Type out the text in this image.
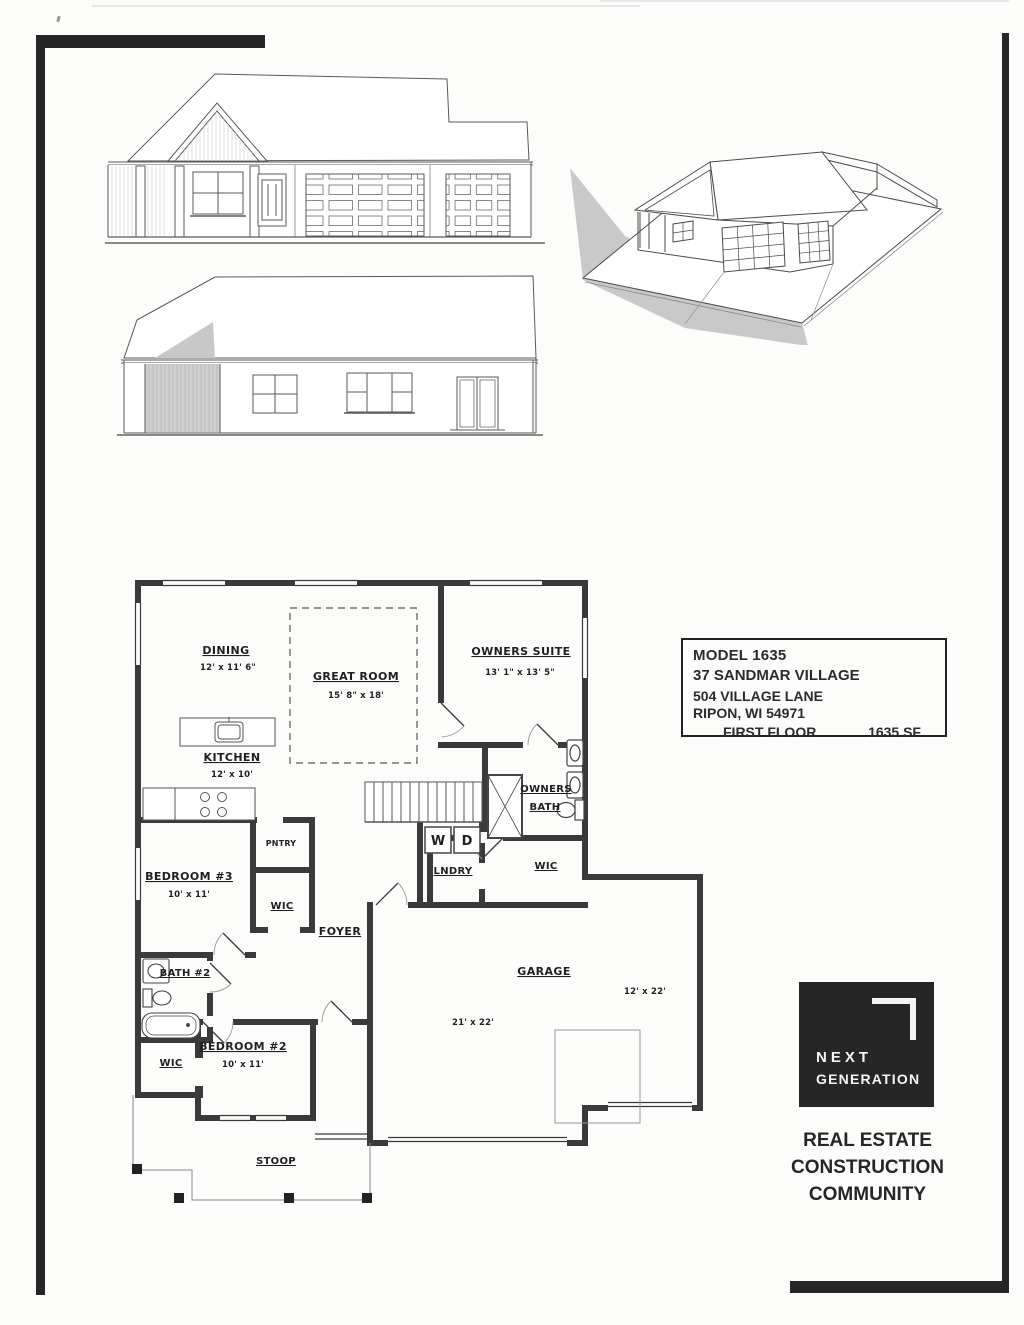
DINING
12' x 11' 6"
GREAT ROOM
15' 8" x 18'
OWNERS SUITE
13' 1" x 13' 5"
KITCHEN
12' x 10'
PNTRY
WIC
FOYER
BEDROOM #3
10' x 11'
BATH #2
WIC
BEDROOM #2
10' x 11'
STOOP
LNDRY
W D
OWNERS
BATH
WIC
GARAGE
21' x 22'
12' x 22'
MODEL 1635
37 SANDMAR VILLAGE
504 VILLAGE LANE
RIPON, WI 54971
FIRST FLOOR	1635 SF
NEXT
GENERATION
REAL ESTATE
CONSTRUCTION
COMMUNITY
